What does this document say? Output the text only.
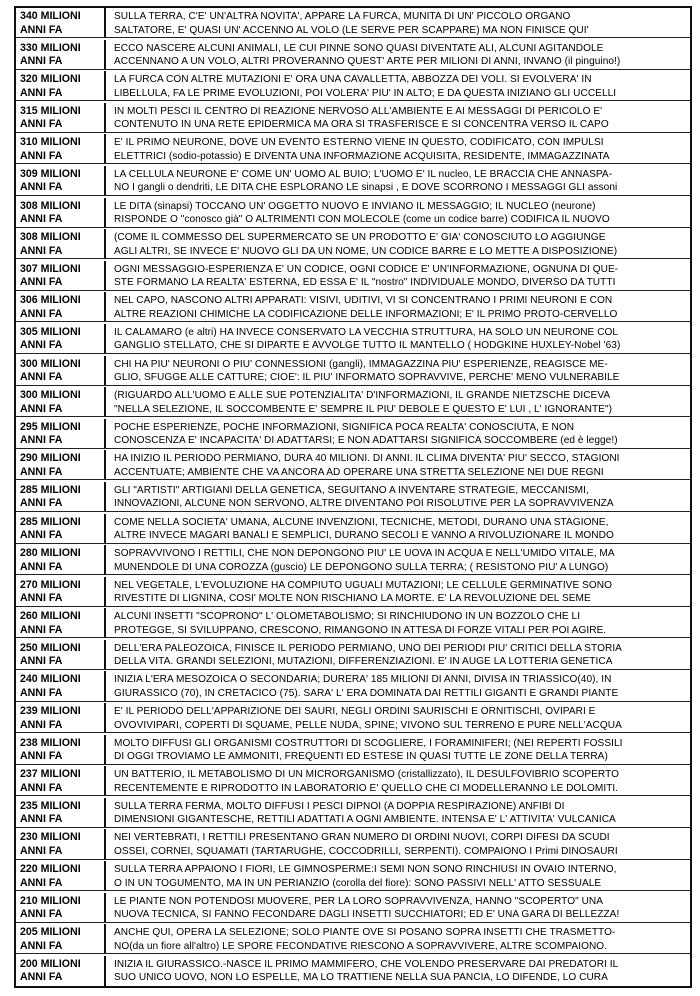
340 MILIONI
ANNI FA
SULLA TERRA, C'E' UN'ALTRA NOVITA', APPARE LA FURCA, MUNITA DI UN' PICCOLO ORGANO
SALTATORE, E' QUASI UN' ACCENNO AL VOLO (LE SERVE PER SCAPPARE) MA NON FINISCE QUI'
330 MILIONI
ANNI FA
ECCO NASCERE ALCUNI ANIMALI, LE CUI PINNE SONO QUASI DIVENTATE ALI, ALCUNI AGITANDOLE
ACCENNANO A UN VOLO, ALTRI PROVERANNO QUEST' ARTE PER MILIONI DI ANNI, INVANO (il pinguino!)
320 MILIONI
ANNI FA
LA FURCA CON ALTRE MUTAZIONI E' ORA UNA CAVALLETTA, ABBOZZA DEI VOLI. SI EVOLVERA' IN
LIBELLULA, FA LE PRIME EVOLUZIONI, POI VOLERA' PIU' IN ALTO; E DA QUESTA INIZIANO GLI UCCELLI
315 MILIONI
ANNI FA
IN MOLTI PESCI IL CENTRO DI REAZIONE NERVOSO ALL'AMBIENTE E AI MESSAGGI DI PERICOLO E'
CONTENUTO IN UNA RETE EPIDERMICA MA ORA SI TRASFERISCE E SI CONCENTRA VERSO IL CAPO
310 MILIONI
ANNI FA
E' IL PRIMO NEURONE, DOVE UN EVENTO ESTERNO VIENE IN QUESTO, CODIFICATO, CON IMPULSI
ELETTRICI (sodio-potassio) E DIVENTA UNA INFORMAZIONE ACQUISITA, RESIDENTE, IMMAGAZZINATA
309 MILIONI
ANNI FA
LA CELLULA NEURONE E' COME UN' UOMO AL BUIO; L'UOMO E' IL nucleo, LE BRACCIA CHE ANNASPA-
NO I gangli o dendriti, LE DITA CHE ESPLORANO LE sinapsi , E DOVE SCORRONO I MESSAGGI GLI assoni
308 MILIONI
ANNI FA
LE DITA (sinapsi) TOCCANO UN' OGGETTO NUOVO E INVIANO IL MESSAGGIO; IL NUCLEO (neurone)
RISPONDE O "conosco già" O ALTRIMENTI CON MOLECOLE (come un codice barre) CODIFICA IL NUOVO
308 MILIONI
ANNI FA
(COME IL COMMESSO DEL SUPERMERCATO SE UN PRODOTTO E' GIA' CONOSCIUTO LO AGGIUNGE
AGLI ALTRI, SE INVECE E' NUOVO GLI DA UN NOME, UN CODICE BARRE E LO METTE A DISPOSIZIONE)
307 MILIONI
ANNI FA
OGNI MESSAGGIO-ESPERIENZA E' UN CODICE, OGNI CODICE E' UN'INFORMAZIONE, OGNUNA DI QUE-
STE FORMANO LA REALTA' ESTERNA, ED ESSA E' IL "nostro" INDIVIDUALE MONDO, DIVERSO DA TUTTI
306 MILIONI
ANNI FA
NEL CAPO, NASCONO ALTRI APPARATI: VISIVI, UDITIVI, VI SI CONCENTRANO I PRIMI NEURONI E CON
ALTRE REAZIONI CHIMICHE LA CODIFICAZIONE DELLE INFORMAZIONI; E' IL PRIMO PROTO-CERVELLO
305 MILIONI
ANNI FA
IL CALAMARO (e altri) HA INVECE CONSERVATO LA VECCHIA STRUTTURA, HA SOLO UN NEURONE COL
GANGLIO STELLATO, CHE SI DIPARTE E AVVOLGE TUTTO IL MANTELLO ( HODGKINE HUXLEY-Nobel '63)
300 MILIONI
ANNI FA
CHI HA PIU' NEURONI O PIU' CONNESSIONI (gangli), IMMAGAZZINA PIU' ESPERIENZE, REAGISCE ME-
GLIO, SFUGGE ALLE CATTURE; CIOE': IL PIU' INFORMATO SOPRAVVIVE, PERCHE' MENO VULNERABILE
300 MILIONI
ANNI FA
(RIGUARDO ALL'UOMO E ALLE SUE POTENZIALITA' D'INFORMAZIONI, IL GRANDE NIETZSCHE DICEVA
"NELLA SELEZIONE, IL SOCCOMBENTE E' SEMPRE IL PIU' DEBOLE E QUESTO E' LUI , L' IGNORANTE")
295 MILIONI
ANNI FA
POCHE ESPERIENZE, POCHE INFORMAZIONI, SIGNIFICA POCA REALTA' CONOSCIUTA, E NON
CONOSCENZA E' INCAPACITA' DI ADATTARSI; E NON ADATTARSI SIGNIFICA SOCCOMBERE (ed è legge!)
290 MILIONI
ANNI FA
HA INIZIO IL PERIODO PERMIANO, DURA 40 MILIONI. DI ANNI. IL CLIMA DIVENTA' PIU' SECCO, STAGIONI
ACCENTUATE; AMBIENTE CHE VA ANCORA AD OPERARE UNA STRETTA SELEZIONE NEI DUE REGNI
285 MILIONI
ANNI FA
GLI "ARTISTI" ARTIGIANI DELLA GENETICA, SEGUITANO A INVENTARE STRATEGIE, MECCANISMI,
INNOVAZIONI, ALCUNE NON SERVONO, ALTRE DIVENTANO POI RISOLUTIVE PER LA SOPRAVVIVENZA
285 MILIONI
ANNI FA
COME NELLA SOCIETA' UMANA, ALCUNE INVENZIONI, TECNICHE, METODI, DURANO UNA STAGIONE,
ALTRE INVECE MAGARI BANALI E SEMPLICI, DURANO SECOLI E VANNO A RIVOLUZIONARE IL MONDO
280 MILIONI
ANNI FA
SOPRAVVIVONO I RETTILI, CHE NON DEPONGONO PIU' LE UOVA IN ACQUA E NELL'UMIDO VITALE, MA
MUNENDOLE DI UNA COROZZA (guscio) LE DEPONGONO SULLA TERRA; ( RESISTONO PIU' A LUNGO)
270 MILIONI
ANNI FA
NEL VEGETALE, L'EVOLUZIONE HA COMPIUTO UGUALI MUTAZIONI; LE CELLULE GERMINATIVE SONO
RIVESTITE DI LIGNINA, COSI' MOLTE NON RISCHIANO LA MORTE. E' LA REVOLUZIONE DEL SEME
260 MILIONI
ANNI FA
ALCUNI INSETTI "SCOPRONO" L' OLOMETABOLISMO; SI RINCHIUDONO IN UN BOZZOLO CHE LI
PROTEGGE, SI SVILUPPANO, CRESCONO, RIMANGONO IN ATTESA DI FORZE VITALI PER POI AGIRE.
250 MILIONI
ANNI FA
DELL'ERA PALEOZOICA, FINISCE IL PERIODO PERMIANO, UNO DEI PERIODI PIU' CRITICI DELLA STORIA
DELLA VITA. GRANDI SELEZIONI, MUTAZIONI, DIFFERENZIAZIONI. E' IN AUGE LA LOTTERIA GENETICA
240 MILIONI
ANNI FA
INIZIA L'ERA MESOZOICA O SECONDARIA; DURERA' 185 MILIONI DI ANNI, DIVISA IN TRIASSICO(40), IN
GIURASSICO (70), IN CRETACICO (75). SARA' L' ERA DOMINATA DAI RETTILI GIGANTI E GRANDI PIANTE
239 MILIONI
ANNI FA
E' IL PERIODO DELL'APPARIZIONE DEI SAURI, NEGLI ORDINI SAURISCHI E ORNITISCHI, OVIPARI E
OVOVIVIPARI, COPERTI DI SQUAME, PELLE NUDA, SPINE; VIVONO SUL TERRENO E PURE NELL'ACQUA
238 MILIONI
ANNI FA
MOLTO DIFFUSI GLI ORGANISMI COSTRUTTORI DI SCOGLIERE, I FORAMINIFERI; (NEI REPERTI FOSSILI
DI OGGI TROVIAMO LE AMMONITI, FREQUENTI ED ESTESE IN QUASI TUTTE LE ZONE DELLA TERRA)
237 MILIONI
ANNI FA
UN BATTERIO, IL METABOLISMO DI UN MICRORGANISMO (cristallizzato), IL DESULFOVIBRIO SCOPERTO
RECENTEMENTE E RIPRODOTTO IN LABORATORIO E' QUELLO CHE CI MODELLERANNO LE DOLOMITI.
235 MILIONI
ANNI FA
SULLA TERRA FERMA, MOLTO DIFFUSI I PESCI DIPNOI (A DOPPIA RESPIRAZIONE) ANFIBI DI
DIMENSIONI GIGANTESCHE, RETTILI ADATTATI A OGNI AMBIENTE. INTENSA E' L' ATTIVITA' VULCANICA
230 MILIONI
ANNI FA
NEI VERTEBRATI, I RETTILI PRESENTANO GRAN NUMERO DI ORDINI NUOVI, CORPI DIFESI DA SCUDI
OSSEI, CORNEI, SQUAMATI (TARTARUGHE, COCCODRILLI, SERPENTI). COMPAIONO I Primi DINOSAURI
220 MILIONI
ANNI FA
SULLA TERRA APPAIONO I FIORI, LE GIMNOSPERME:I SEMI NON SONO RINCHIUSI IN OVAIO INTERNO,
O IN UN TOGUMENTO, MA IN UN PERIANZIO (corolla del fiore): SONO PASSIVI NELL' ATTO SESSUALE
210 MILIONI
ANNI FA
LE PIANTE NON POTENDOSI MUOVERE, PER LA LORO SOPRAVVIVENZA, HANNO "SCOPERTO" UNA
NUOVA TECNICA, SI FANNO FECONDARE DAGLI INSETTI SUCCHIATORI; ED E' UNA GARA DI BELLEZZA!
205 MILIONI
ANNI FA
ANCHE QUI, OPERA LA SELEZIONE; SOLO PIANTE OVE SI POSANO SOPRA INSETTI CHE TRASMETTO-
NO(da un fiore all'altro) LE SPORE FECONDATIVE RIESCONO A SOPRAVVIVERE, ALTRE SCOMPAIONO.
200 MILIONI
ANNI FA
INIZIA IL GIURASSICO.-NASCE IL PRIMO MAMMIFERO, CHE VOLENDO PRESERVARE DAI PREDATORI IL
SUO UNICO UOVO, NON LO ESPELLE, MA LO TRATTIENE NELLA SUA PANCIA, LO DIFENDE, LO CURA
